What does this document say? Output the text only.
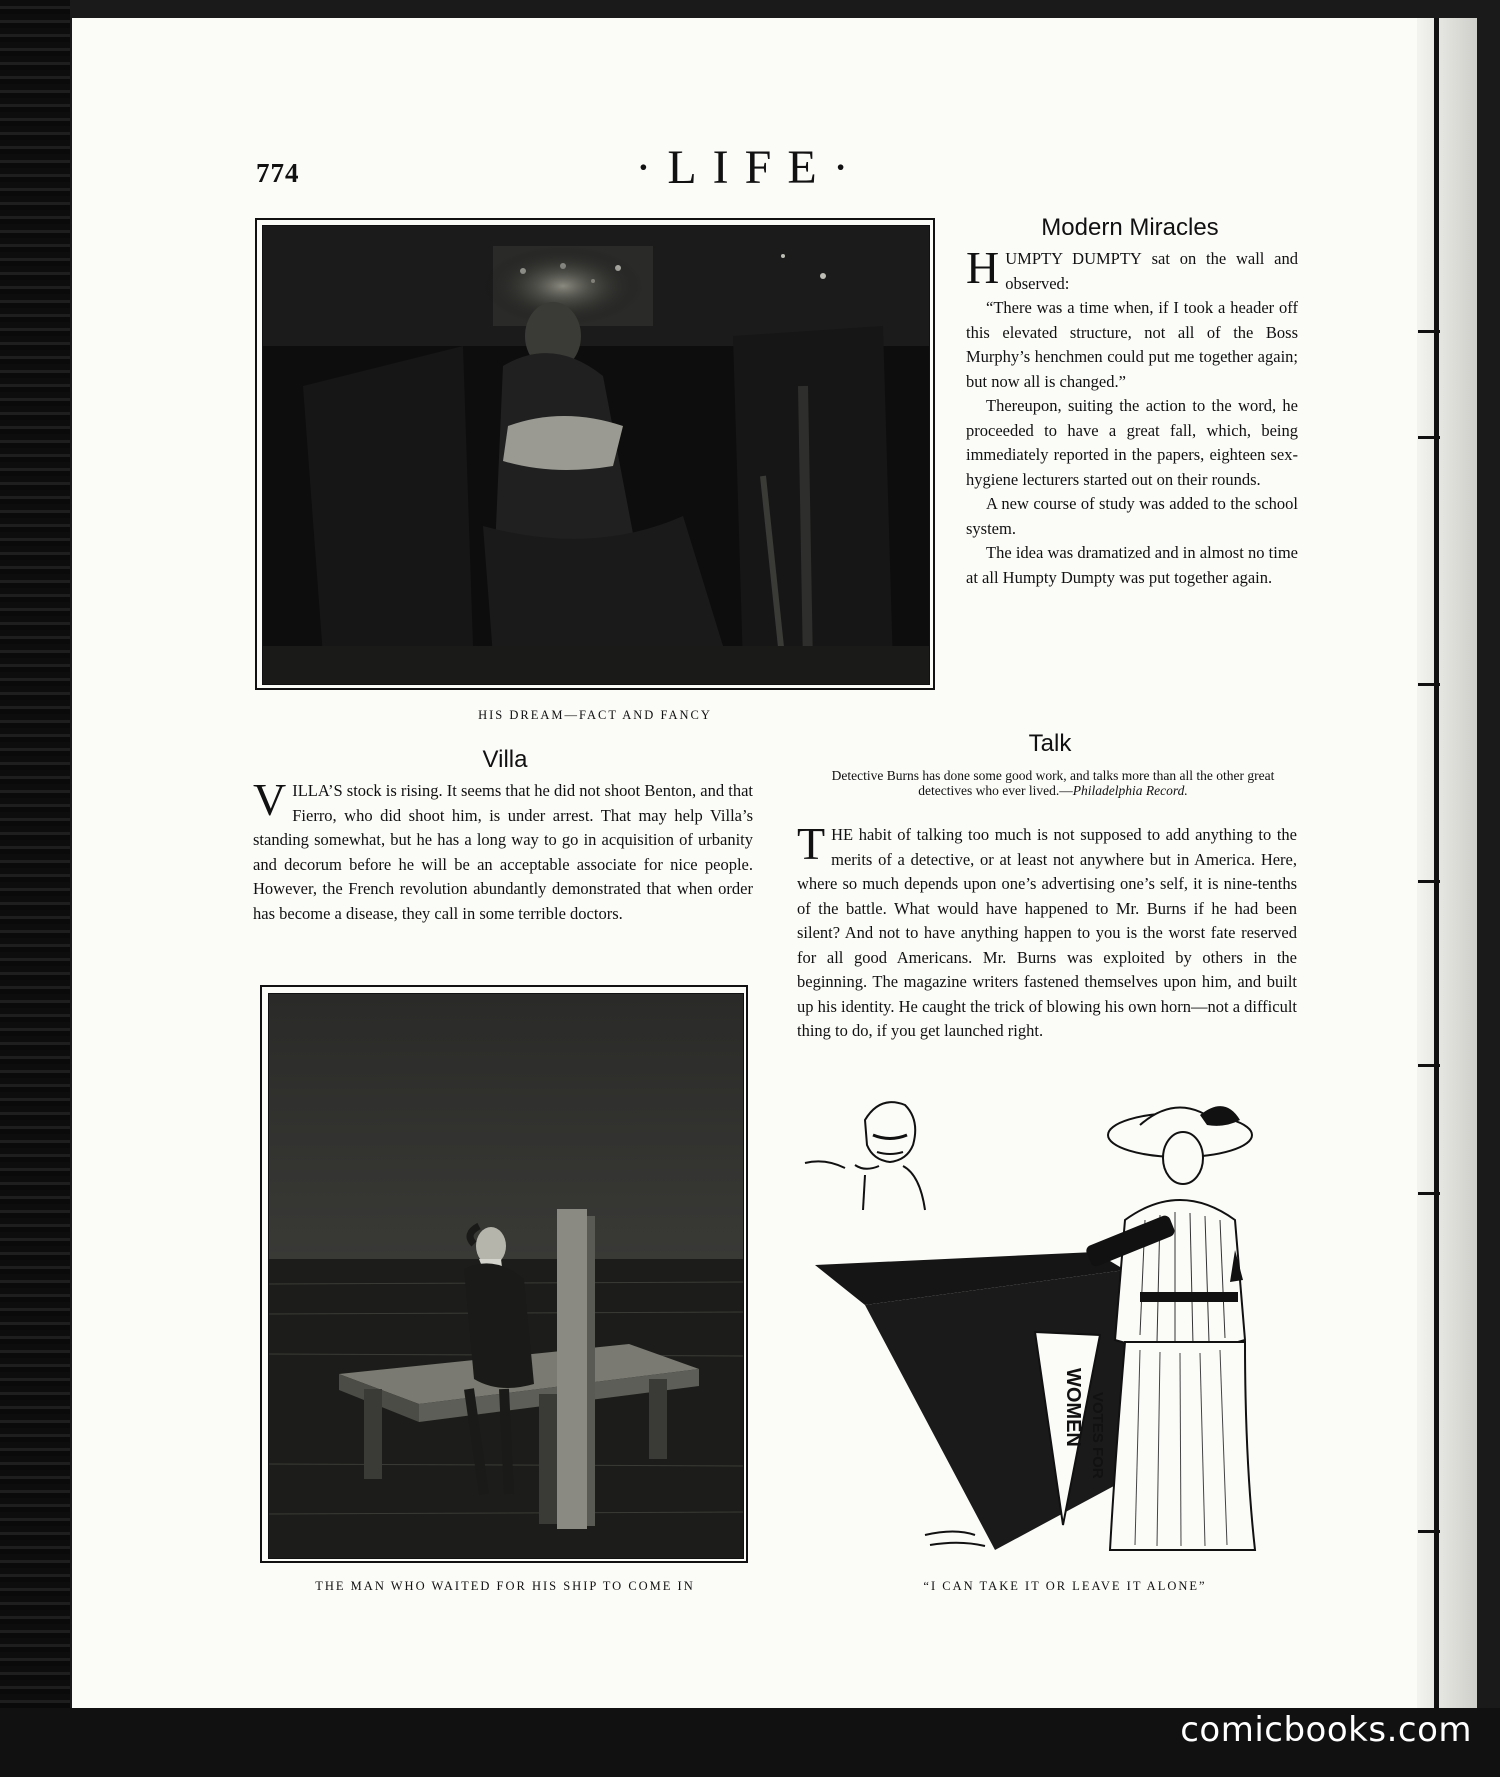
comicbooks.com
774	·LIFE·
HIS DREAM—FACT AND FANCY
Modern Miracles

HUMPTY DUMPTY sat on the wall and observed:

“There was a time when, if I took a header off this elevated structure, not all of the Boss Murphy’s henchmen could put me together again; but now all is changed.”

Thereupon, suiting the action to the word, he proceeded to have a great fall, which, being immediately reported in the papers, eighteen sex-hygiene lecturers started out on their rounds.

A new course of study was added to the school system.

The idea was dramatized and in almost no time at all Humpty Dumpty was put together again.

Villa

VILLA’S stock is rising. It seems that he did not shoot Benton, and that Fierro, who did shoot him, is under arrest. That may help Villa’s standing somewhat, but he has a long way to go in acquisition of urbanity and decorum before he will be an acceptable associate for nice people. However, the French revolution abundantly demonstrated that when order has become a disease, they call in some terrible doctors.

Talk
Detective Burns has done some good work, and talks more than all the other great detectives who ever lived.—Philadelphia Record.

THE habit of talking too much is not supposed to add anything to the merits of a detective, or at least not anywhere but in America. Here, where so much depends upon one’s advertising one’s self, it is nine-tenths of the battle. What would have happened to Mr. Burns if he had been silent? And not to have anything happen to you is the worst fate reserved for all good Americans. Mr. Burns was exploited by others in the beginning. The magazine writers fastened themselves upon him, and built up his identity. He caught the trick of blowing his own horn—not a difficult thing to do, if you get launched right.

THE MAN WHO WAITED FOR HIS SHIP TO COME IN
VOTES FOR
WOMEN
“I CAN TAKE IT OR LEAVE IT ALONE”
